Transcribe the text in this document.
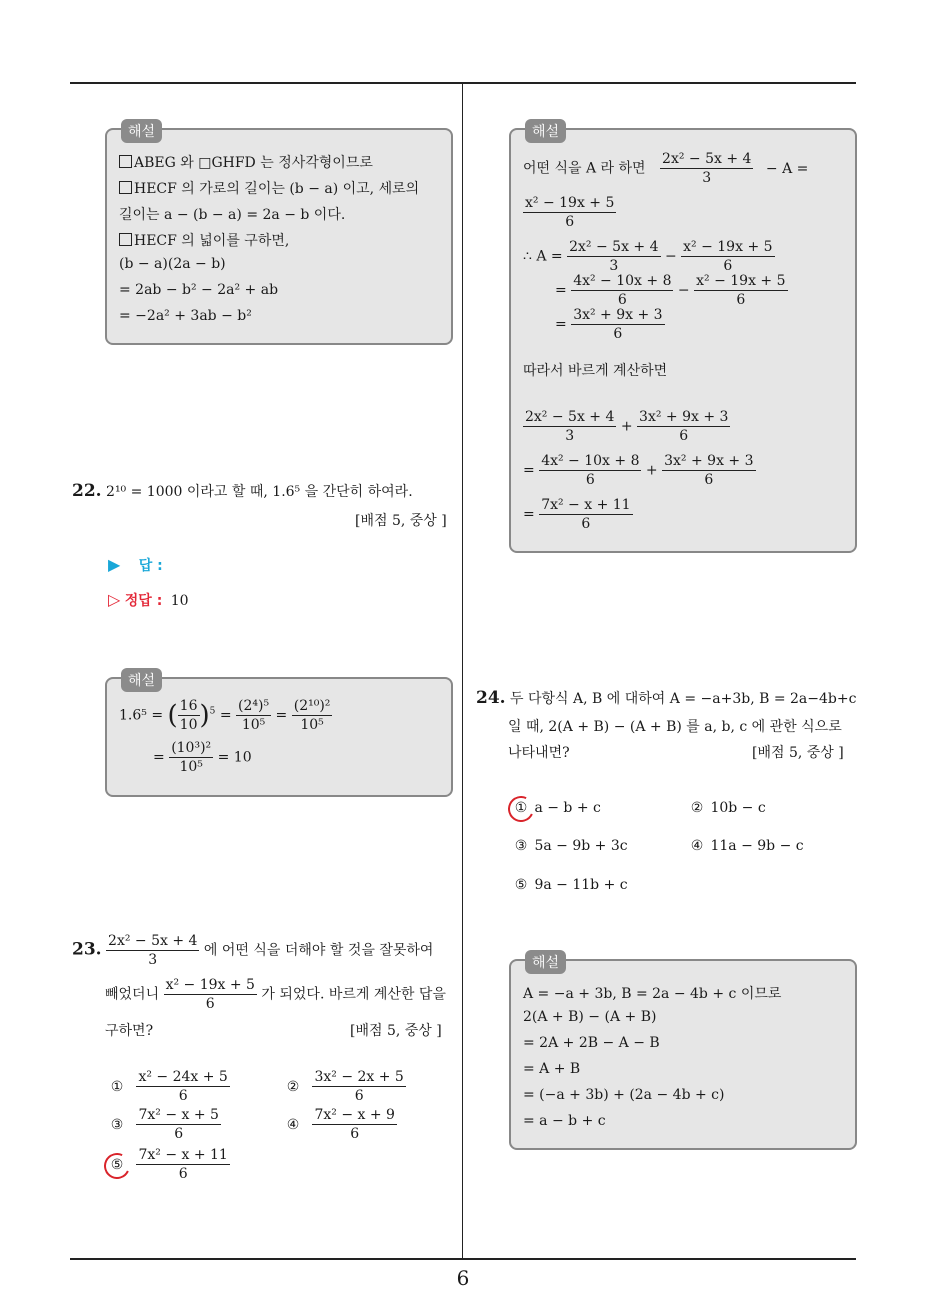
6
해설
ABEG 와 □GHFD 는 정사각형이므로
HECF 의 가로의 길이는 (b − a) 이고, 세로의
길이는 a − (b − a) = 2a − b 이다.
HECF 의 넓이를 구하면,
(b − a)(2a − b)
= 2ab − b² − 2a² + ab
= −2a² + 3ab − b²
22. 2¹⁰ = 1000 이라고 할 때, 1.6⁵ 을 간단히 하여라.
[배점 5, 중상 ]
▶ 답 :
▷ 정답 : 10
해설
1.6⁵ = ( $\frac{16}{10} )^5 = \frac{\text{(2⁴)⁵}}{\text{10⁵}} = \frac{\text{(2¹⁰)²}}{\text{10⁵}}$
= $\frac{\text{(10³)²}}{\text{10⁵}} = 10$
23. $\frac{\text{2x² − 5x + 4}}{3}$ 에 어떤 식을 더해야 할 것을 잘못하여
빼었더니 $\frac{\text{x² − 19x + 5}}{6}$ 가 되었다. 바르게 계산한 답을
구하면?	[배점 5, 중상 ]
① $\frac{\text{x² − 24x + 5}}{6}$	② $\frac{\text{3x² − 2x + 5}}{6}$
③ $\frac{\text{7x² − x + 5}}{6}$	④ $\frac{\text{7x² − x + 9}}{6}$
⑤ $\frac{\text{7x² − x + 11}}{6}$
해설
어떤 식을 A 라 하면 $\frac{\text{2x² − 5x + 4}}{3} - A$ =
$\frac{\text{x² − 19x + 5}}{6}$
∴ $A = \frac{\text{2x² − 5x + 4}}{3} - \frac{\text{x² − 19x + 5}}{6}$
= $\frac{\text{4x² − 10x + 8}}{6} - \frac{\text{x² − 19x + 5}}{6}$
= $\frac{\text{3x² + 9x + 3}}{6}$
따라서 바르게 계산하면
$\frac{\text{2x² − 5x + 4}}{3} + \frac{\text{3x² + 9x + 3}}{6}$
= $\frac{\text{4x² − 10x + 8}}{6} + \frac{\text{3x² + 9x + 3}}{6}$
= $\frac{\text{7x² − x + 11}}{6}$
24. 두 다항식 A, B 에 대하여 A = −a+3b, B = 2a−4b+c
일 때, 2(A + B) − (A + B) 를 a, b, c 에 관한 식으로
나타내면?	[배점 5, 중상 ]
① a − b + c	② 10b − c
③ 5a − 9b + 3c	④ 11a − 9b − c
⑤ 9a − 11b + c
해설
A = −a + 3b, B = 2a − 4b + c 이므로
2(A + B) − (A + B)
= 2A + 2B − A − B
= A + B
= (−a + 3b) + (2a − 4b + c)
= a − b + c
